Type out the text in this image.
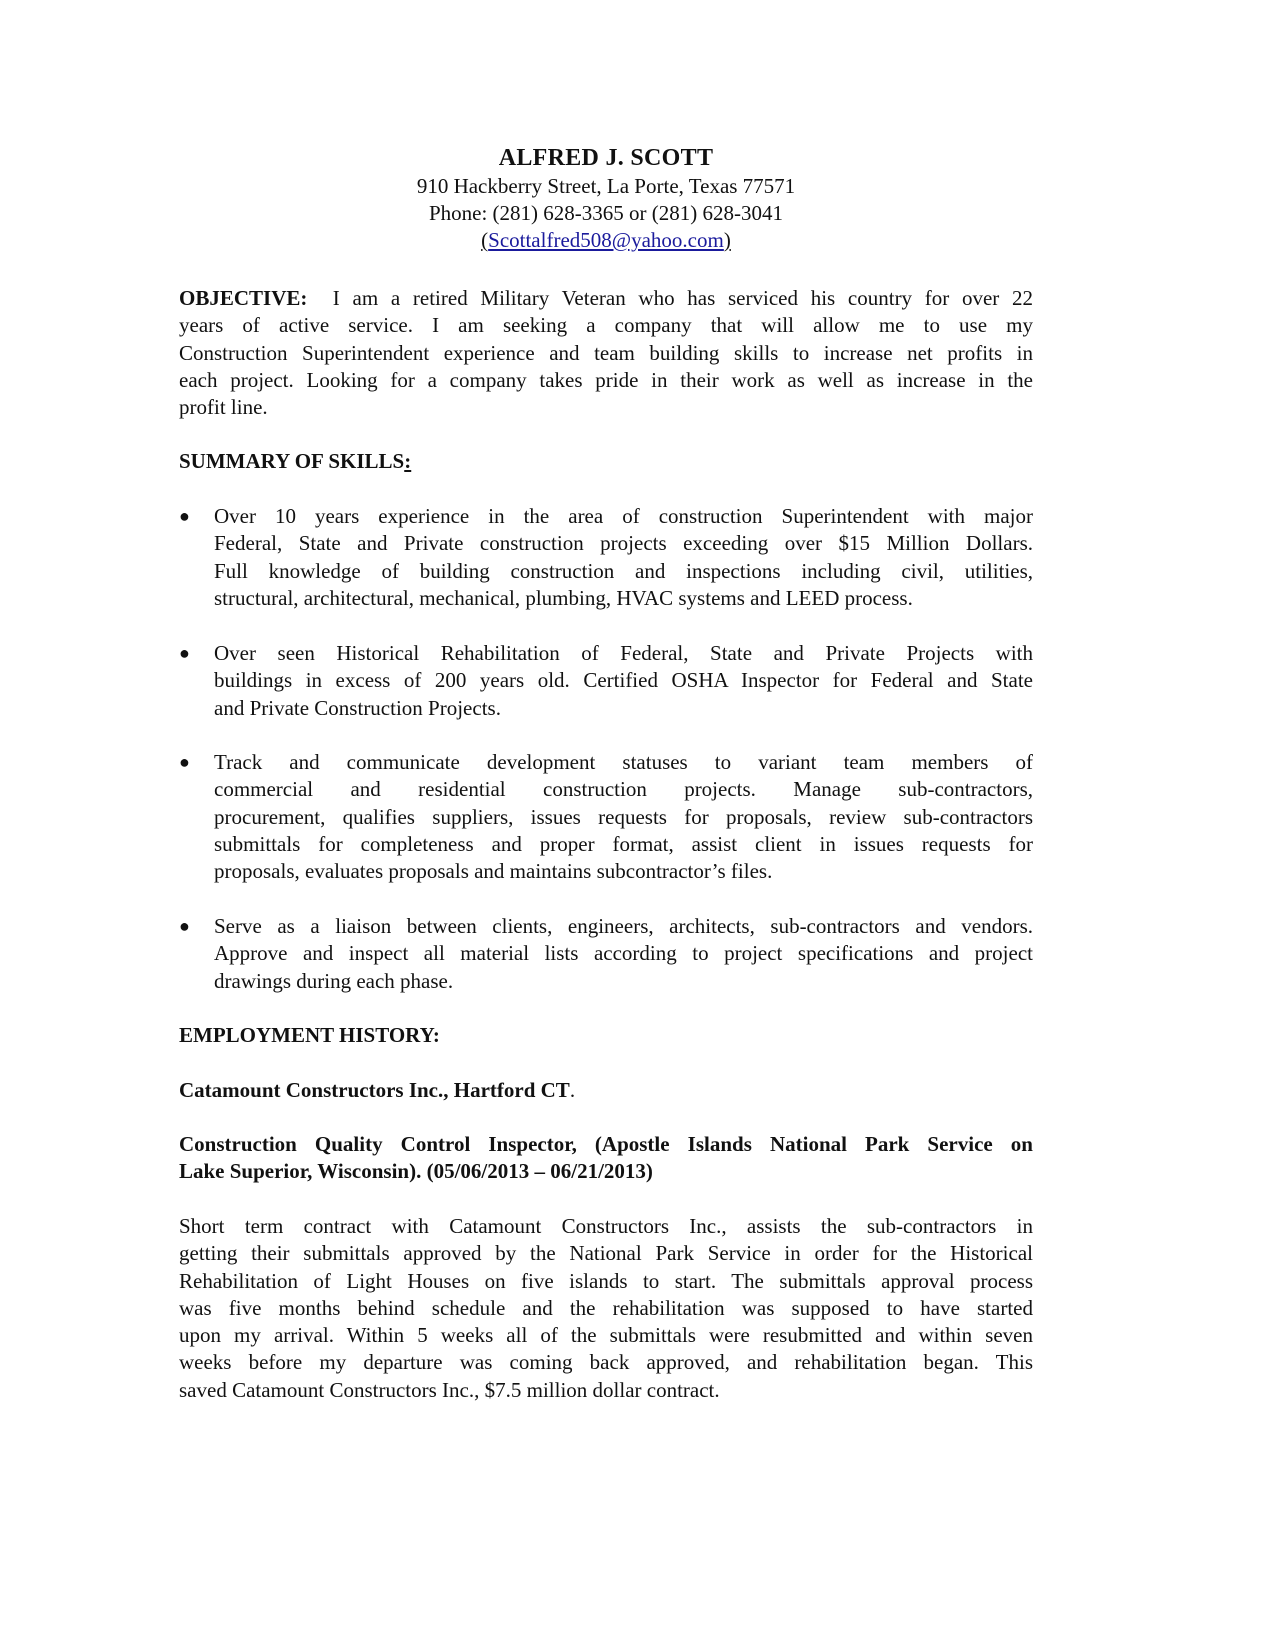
ALFRED J. SCOTT
910 Hackberry Street, La Porte, Texas 77571
Phone: (281) 628-3365 or (281) 628-3041
(Scottalfred508@yahoo.com)
OBJECTIVE: I am a retired Military Veteran who has serviced his country for over 22
years of active service. I am seeking a company that will allow me to use my
Construction Superintendent experience and team building skills to increase net profits in
each project. Looking for a company takes pride in their work as well as increase in the
profit line.
SUMMARY OF SKILLS:
● Over 10 years experience in the area of construction Superintendent with major
Federal, State and Private construction projects exceeding over $15 Million Dollars.
Full knowledge of building construction and inspections including civil, utilities,
structural, architectural, mechanical, plumbing, HVAC systems and LEED process.
● Over seen Historical Rehabilitation of Federal, State and Private Projects with
buildings in excess of 200 years old. Certified OSHA Inspector for Federal and State
and Private Construction Projects.
● Track and communicate development statuses to variant team members of
commercial and residential construction projects. Manage sub-contractors,
procurement, qualifies suppliers, issues requests for proposals, review sub-contractors
submittals for completeness and proper format, assist client in issues requests for
proposals, evaluates proposals and maintains subcontractor’s files.
● Serve as a liaison between clients, engineers, architects, sub-contractors and vendors.
Approve and inspect all material lists according to project specifications and project
drawings during each phase.
EMPLOYMENT HISTORY:
Catamount Constructors Inc., Hartford CT.
Construction Quality Control Inspector, (Apostle Islands National Park Service on
Lake Superior, Wisconsin). (05/06/2013 – 06/21/2013)
Short term contract with Catamount Constructors Inc., assists the sub-contractors in
getting their submittals approved by the National Park Service in order for the Historical
Rehabilitation of Light Houses on five islands to start. The submittals approval process
was five months behind schedule and the rehabilitation was supposed to have started
upon my arrival. Within 5 weeks all of the submittals were resubmitted and within seven
weeks before my departure was coming back approved, and rehabilitation began. This
saved Catamount Constructors Inc., $7.5 million dollar contract.
